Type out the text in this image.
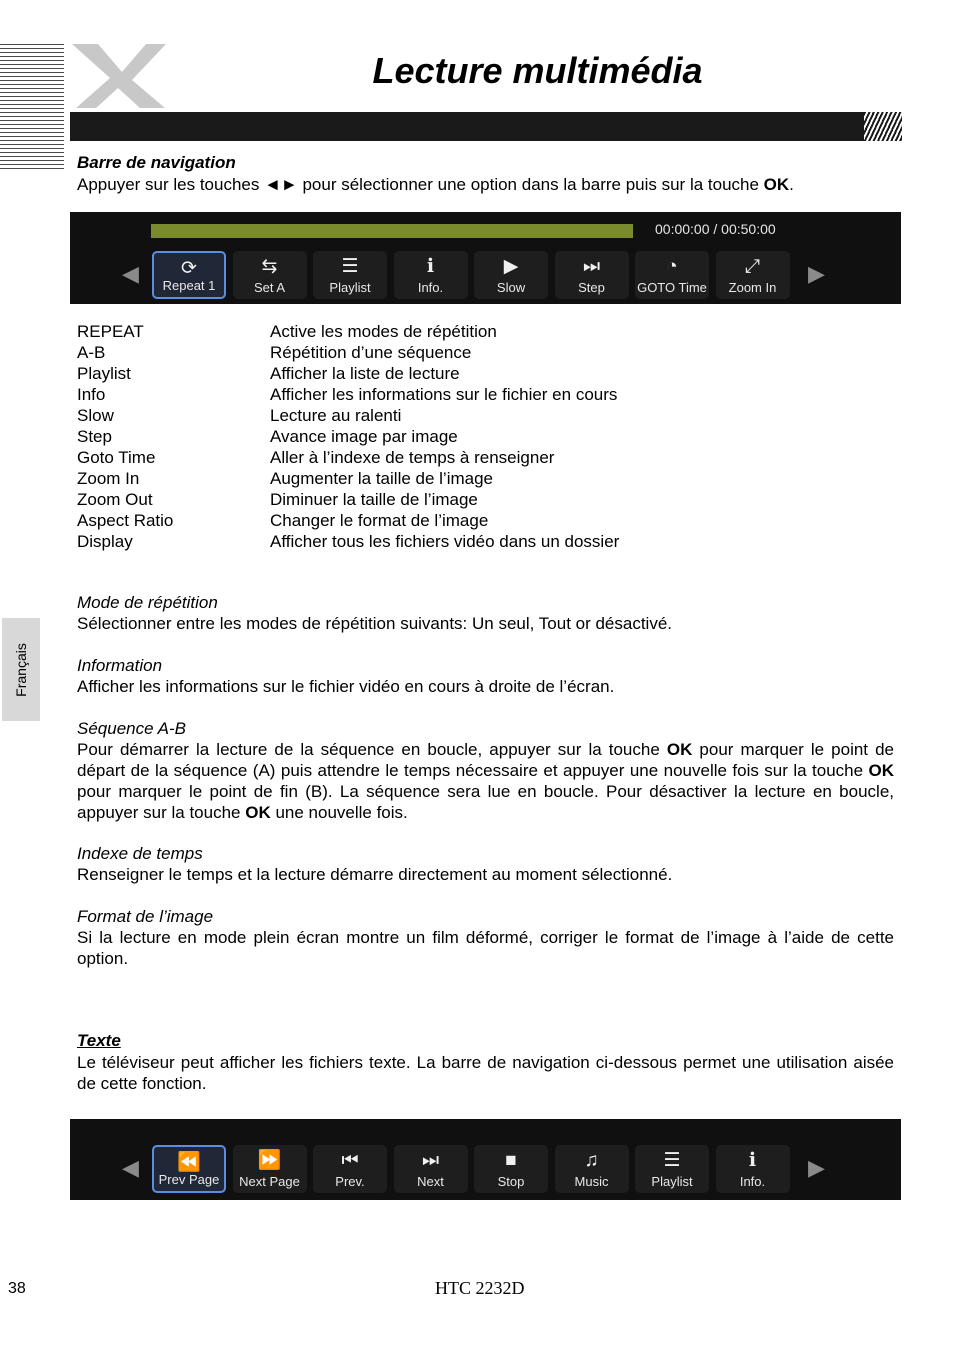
Lecture multimédia
Barre de navigation
Appuyer sur les touches ◄► pour sélectionner une option dans la barre puis sur la touche OK.
◀	⟳
Repeat 1
⇆
Set A
☰
Playlist
ℹ
Info.
▶
Slow
⏭
Step
◔
GOTO Time
⤢
Zoom In
▶
00:00:00 / 00:50:00
REPEAT	Active les modes de répétition
A-B	Répétition d’une séquence
Playlist	Afficher la liste de lecture
Info	Afficher les informations sur le fichier en cours
Slow	Lecture au ralenti
Step	Avance image par image
Goto Time	Aller à l’indexe de temps à renseigner
Zoom In	Augmenter la taille de l’image
Zoom Out	Diminuer la taille de l’image
Aspect Ratio	Changer le format de l’image
Display	Afficher tous les fichiers vidéo dans un dossier
Mode de répétition
Sélectionner entre les modes de répétition suivants: Un seul, Tout or désactivé.
Information
Afficher les informations sur le fichier vidéo en cours à droite de l’écran.
Séquence A-B
Pour démarrer la lecture de la séquence en boucle, appuyer sur la touche OK pour marquer le point de départ de la séquence (A) puis attendre le temps nécessaire et appuyer une nouvelle fois sur la touche OK pour marquer le point de fin (B). La séquence sera lue en boucle. Pour désactiver la lecture en boucle, appuyer sur la touche OK une nouvelle fois.
Indexe de temps
Renseigner le temps et la lecture démarre directement au moment sélectionné.
Format de l’image
Si la lecture en mode plein écran montre un film déformé, corriger le format de l’image à l’aide de cette option.
Texte
Le téléviseur peut afficher les fichiers texte. La barre de navigation ci-dessous permet une utilisation aisée de cette fonction.
◀	⏪
Prev Page
⏩
Next Page
⏮
Prev.
⏭
Next
■
Stop
♫
Music
☰
Playlist
ℹ
Info.
▶
Français
38	HTC 2232D
